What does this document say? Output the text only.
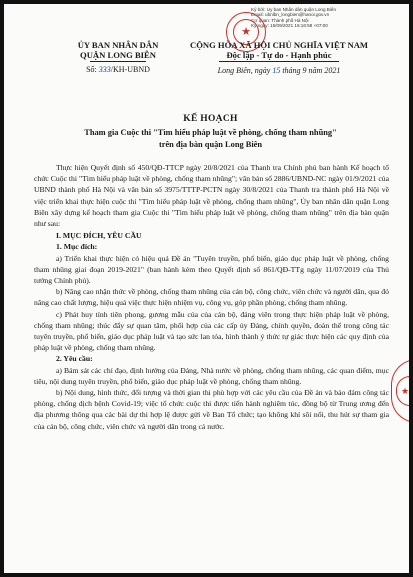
Ký bởi: Ủy ban Nhân dân quận Long Biên
Email: ubnlbn_longbien@hanoi.gov.vn
Cơ quan: Thành phố Hà Nội
Ký ngày: 15/09/2021 16:16:58 +07:00
★
★
ỦY BAN NHÂN DÂN
QUẬN LONG BIÊN
Số: 333/KH-UBND
CỘNG HÒA XÃ HỘI CHỦ NGHĨA VIỆT NAM
Độc lập - Tự do - Hạnh phúc
Long Biên, ngày 15 tháng 9 năm 2021
KẾ HOẠCH
Tham gia Cuộc thi "Tìm hiểu pháp luật về phòng, chống tham nhũng"
trên địa bàn quận Long Biên

Thực hiện Quyết định số 450/QĐ-TTCP ngày 20/8/2021 của Thanh tra Chính phủ ban hành Kế hoạch tổ chức Cuộc thi "Tìm hiểu pháp luật về phòng, chống tham nhũng"; văn bản số 2886/UBND-NC ngày 01/9/2021 của UBND thành phố Hà Nội và văn bản số 3975/TTTP-PCTN ngày 30/8/2021 của Thanh tra thành phố Hà Nội về việc triển khai thực hiện cuộc thi "Tìm hiểu pháp luật về phòng, chống tham nhũng", Ủy ban nhân dân quận Long Biên xây dựng kế hoạch tham gia Cuộc thi "Tìm hiểu pháp luật về phòng, chống tham nhũng" trên địa bàn quận như sau:

I. MỤC ĐÍCH, YÊU CẦU

1. Mục đích:

a) Triển khai thực hiện có hiệu quả Đề án "Tuyên truyền, phổ biến, giáo dục pháp luật về phòng, chống tham nhũng giai đoạn 2019-2021" (ban hành kèm theo Quyết định số 861/QĐ-TTg ngày 11/07/2019 của Thủ tướng Chính phủ).

b) Nâng cao nhận thức về phòng, chống tham nhũng của cán bộ, công chức, viên chức và người dân, qua đó nâng cao chất lượng, hiệu quả việc thực hiện nhiệm vụ, công vụ, góp phần phòng, chống tham nhũng.

c) Phát huy tính tiên phong, gương mẫu của của cán bộ, đảng viên trong thực hiện pháp luật về phòng, chống tham nhũng; thúc đẩy sự quan tâm, phối hợp của các cấp ủy Đảng, chính quyền, đoàn thể trong công tác tuyên truyền, phổ biến, giáo dục pháp luật và tạo sức lan tỏa, hình thành ý thức tự giác thực hiện các quy định của pháp luật về phòng, chống tham nhũng.

2. Yêu cầu:

a) Bám sát các chỉ đạo, định hướng của Đảng, Nhà nước về phòng, chống tham nhũng, các quan điểm, mục tiêu, nội dung tuyên truyền, phổ biến, giáo dục pháp luật về phòng, chống tham nhũng.

b) Nội dung, hình thức, đối tượng và thời gian thi phù hợp với các yêu cầu của Đề án và bảo đảm công tác phòng, chống dịch bệnh Covid-19; việc tổ chức cuộc thi được tiến hành nghiêm túc, đồng bộ từ Trung ương đến địa phương thông qua các bài dự thi hợp lệ được gửi về Ban Tổ chức; tạo không khí sôi nổi, thu hút sự tham gia của cán bộ, công chức, viên chức và người dân trong cả nước.
